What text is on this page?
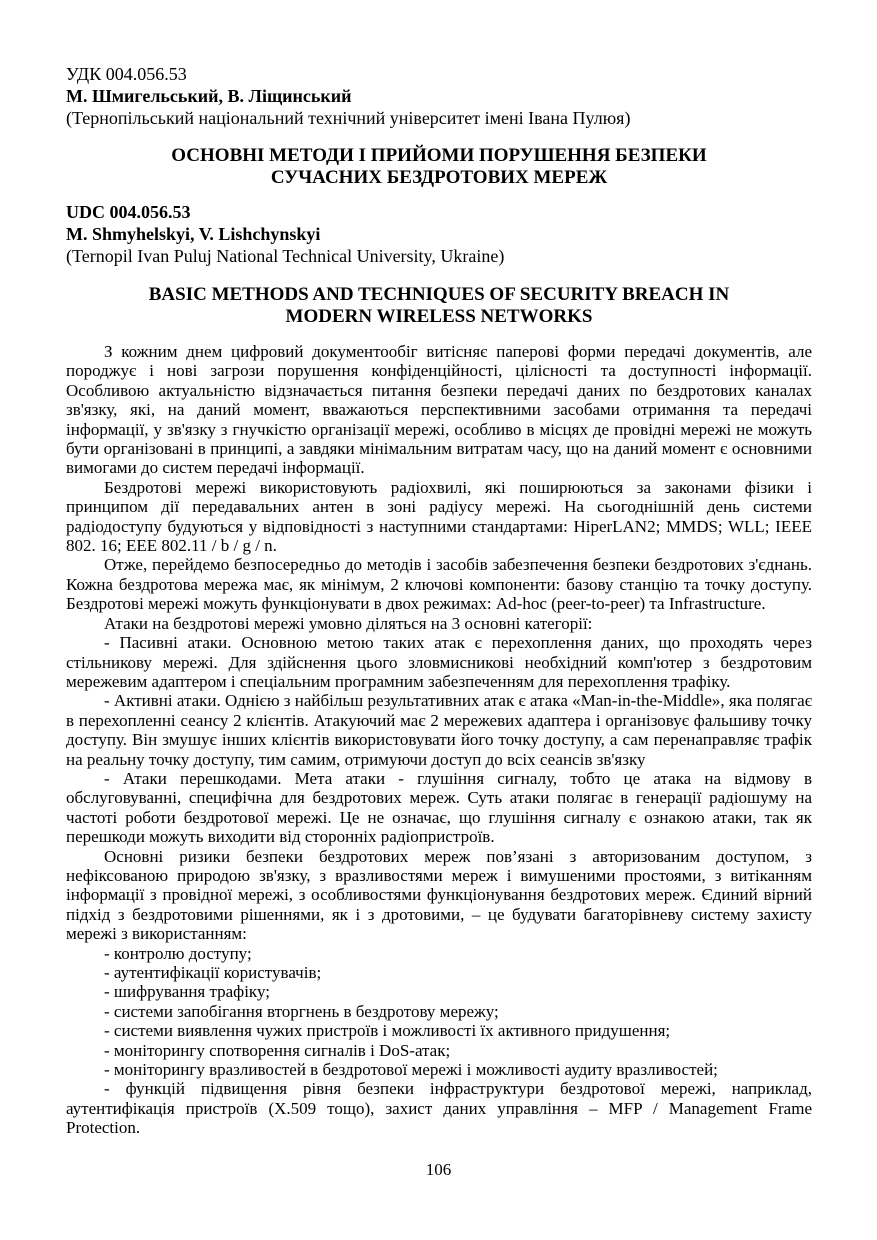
УДК 004.056.53
М. Шмигельський, В. Ліщинський
(Тернопільський національний технічний університет імені Івана Пулюя)
ОСНОВНІ МЕТОДИ І ПРИЙОМИ ПОРУШЕННЯ БЕЗПЕКИ СУЧАСНИХ БЕЗДРОТОВИХ МЕРЕЖ
UDC 004.056.53
M. Shmyhelskyi, V. Lishchynskyi
(Ternopil Ivan Puluj National Technical University, Ukraine)
BASIC METHODS AND TECHNIQUES OF SECURITY BREACH IN MODERN WIRELESS NETWORKS

З кожним днем цифровий документообіг витісняє паперові форми передачі документів, але породжує і нові загрози порушення конфіденційності, цілісності та доступності інформації. Особливою актуальністю відзначається питання безпеки передачі даних по бездротових каналах зв'язку, які, на даний момент, вважаються перспективними засобами отримання та передачі інформації, у зв'язку з гнучкістю організації мережі, особливо в місцях де провідні мережі не можуть бути організовані в принципі, а завдяки мінімальним витратам часу, що на даний момент є основними вимогами до систем передачі інформації.

Бездротові мережі використовують радіохвилі, які поширюються за законами фізики і принципом дії передавальних антен в зоні радіусу мережі. На сьогоднішній день системи радіодоступу будуються у відповідності з наступними стандартами: HiperLAN2; MMDS; WLL; IEEE 802. 16; EEE 802.11 / b / g / n.

Отже, перейдемо безпосередньо до методів і засобів забезпечення безпеки бездротових з'єднань. Кожна бездротова мережа має, як мінімум, 2 ключові компоненти: базову станцію та точку доступу. Бездротові мережі можуть функціонувати в двох режимах: Ad-hoc (peer-to-peer) та Infrastructure.

Атаки на бездротові мережі умовно діляться на 3 основні категорії:

- Пасивні атаки. Основною метою таких атак є перехоплення даних, що проходять через стільникову мережі. Для здійснення цього зловмисникові необхідний комп'ютер з бездротовим мережевим адаптером і спеціальним програмним забезпеченням для перехоплення трафіку.

- Активні атаки. Однією з найбільш результативних атак є атака «Man-in-the-Middle», яка полягає в перехопленні сеансу 2 клієнтів. Атакуючий має 2 мережевих адаптера і організовує фальшиву точку доступу. Він змушує інших клієнтів використовувати його точку доступу, а сам перенаправляє трафік на реальну точку доступу, тим самим, отримуючи доступ до всіх сеансів зв'язку

- Атаки перешкодами. Мета атаки - глушіння сигналу, тобто це атака на відмову в обслуговуванні, специфічна для бездротових мереж. Суть атаки полягає в генерації радіошуму на частоті роботи бездротової мережі. Це не означає, що глушіння сигналу є ознакою атаки, так як перешкоди можуть виходити від сторонніх радіопристроїв.

Основні ризики безпеки бездротових мереж пов’язані з авторизованим доступом, з нефіксованою природою зв'язку, з вразливостями мереж і вимушеними простоями, з витіканням інформації з провідної мережі, з особливостями функціонування бездротових мереж. Єдиний вірний підхід з бездротовими рішеннями, як і з дротовими, – це будувати багаторівневу систему захисту мережі з використанням:

- контролю доступу;

- аутентифікації користувачів;

- шифрування трафіку;

- системи запобігання вторгнень в бездротову мережу;

- системи виявлення чужих пристроїв і можливості їх активного придушення;

- моніторингу спотворення сигналів і DoS-атак;

- моніторингу вразливостей в бездротової мережі і можливості аудиту вразливостей;

- функцій підвищення рівня безпеки інфраструктури бездротової мережі, наприклад, аутентифікація пристроїв (X.509 тощо), захист даних управління – MFP / Management Frame Protection.

106
